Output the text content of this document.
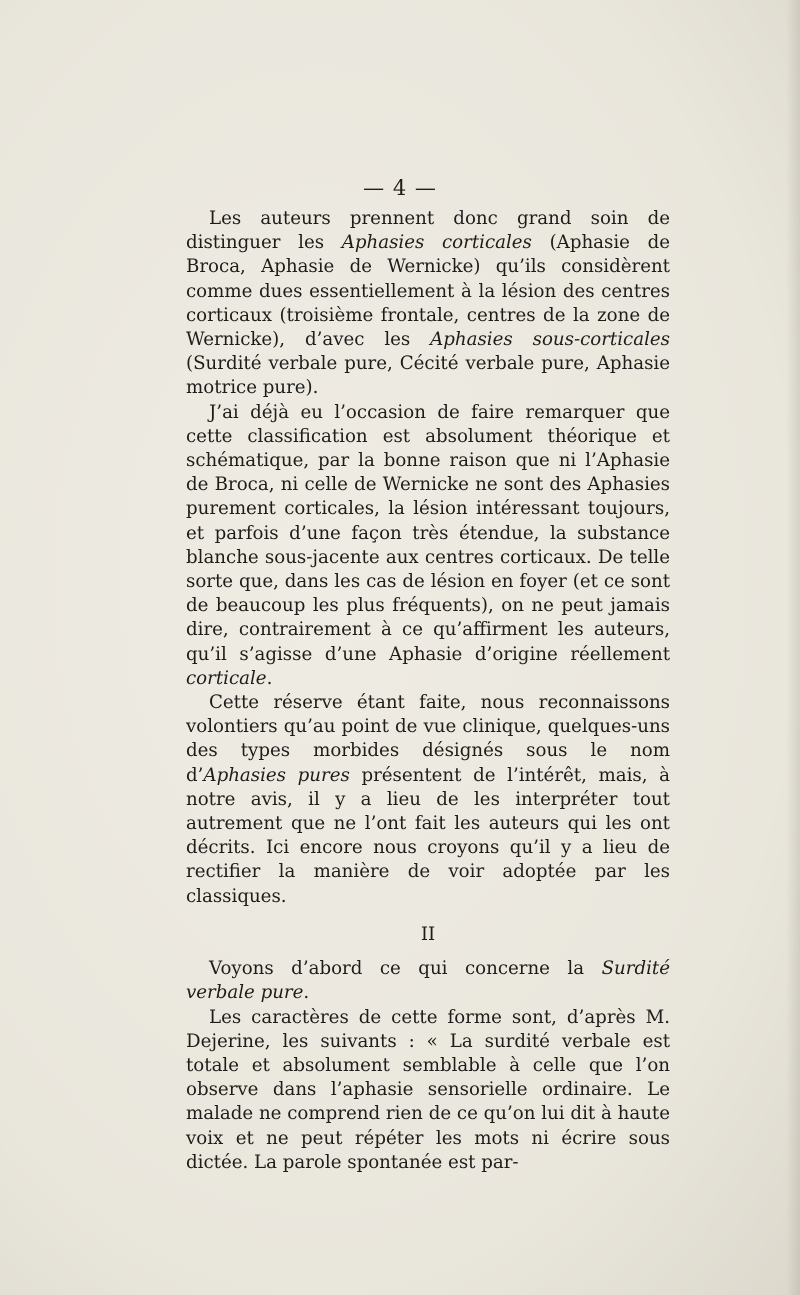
— 4 —

Les auteurs prennent donc grand soin de distinguer les Aphasies corticales (Aphasie de Broca, Aphasie de Wernicke) qu’ils considèrent comme dues essentiellement à la lésion des centres corticaux (troisième frontale, centres de la zone de Wernicke), d’avec les Aphasies sous-corticales (Surdité verbale pure, Cécité verbale pure, Aphasie motrice pure).

J’ai déjà eu l’occasion de faire remarquer que cette classification est absolument théorique et schématique, par la bonne raison que ni l’Aphasie de Broca, ni celle de Wernicke ne sont des Aphasies purement corticales, la lésion intéressant toujours, et parfois d’une façon très étendue, la substance blanche sous-jacente aux centres corticaux. De telle sorte que, dans les cas de lésion en foyer (et ce sont de beaucoup les plus fréquents), on ne peut jamais dire, contrairement à ce qu’affirment les auteurs, qu’il s’agisse d’une Aphasie d’origine réellement corticale.

Cette réserve étant faite, nous reconnaissons volontiers qu’au point de vue clinique, quelques-uns des types morbides désignés sous le nom d’Aphasies pures présentent de l’intérêt, mais, à notre avis, il y a lieu de les interpréter tout autrement que ne l’ont fait les auteurs qui les ont décrits. Ici encore nous croyons qu’il y a lieu de rectifier la manière de voir adoptée par les classiques.

II

Voyons d’abord ce qui concerne la Surdité verbale pure.

Les caractères de cette forme sont, d’après M. Dejerine, les suivants : « La surdité verbale est totale et absolument semblable à celle que l’on observe dans l’aphasie sensorielle ordinaire. Le malade ne comprend rien de ce qu’on lui dit à haute voix et ne peut répéter les mots ni écrire sous dictée. La parole spontanée est par-
